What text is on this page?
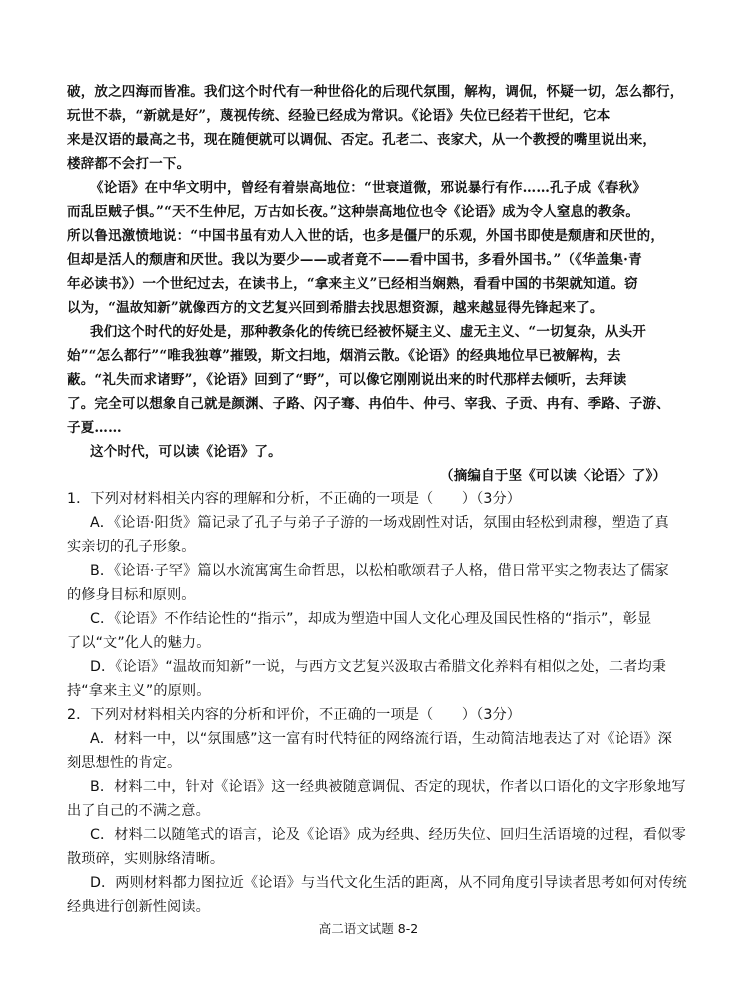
破，放之四海而皆准。我们这个时代有一种世俗化的后现代氛围，解构，调侃，怀疑一切，怎么都行，
玩世不恭，“新就是好”，蔑视传统、经验已经成为常识。《论语》失位已经若干世纪，它本
来是汉语的最高之书，现在随便就可以调侃、否定。孔老二、丧家犬，从一个教授的嘴里说出来，
楼辞都不会打一下。
《论语》在中华文明中，曾经有着崇高地位：“世衰道微，邪说暴行有作……孔子成《春秋》
而乱臣贼子惧。”“天不生仲尼，万古如长夜。”这种崇高地位也令《论语》成为令人窒息的教条。
所以鲁迅激愤地说：“中国书虽有劝人入世的话，也多是僵尸的乐观，外国书即使是颓唐和厌世的，
但却是活人的颓唐和厌世。我以为要少——或者竟不——看中国书，多看外国书。”（《华盖集·青
年必读书》）一个世纪过去，在读书上，“拿来主义”已经相当娴熟，看看中国的书架就知道。窃
以为，“温故知新”就像西方的文艺复兴回到希腊去找思想资源，越来越显得先锋起来了。
我们这个时代的好处是，那种教条化的传统已经被怀疑主义、虚无主义、“一切复杂，从头开
始”“怎么都行”“唯我独尊”摧毁，斯文扫地，烟消云散。《论语》的经典地位早已被解构，去
蔽。“礼失而求诸野”，《论语》回到了“野”，可以像它刚刚说出来的时代那样去倾听，去拜读
了。完全可以想象自己就是颜渊、子路、闪子骞、冉伯牛、仲弓、宰我、子贡、冉有、季路、子游、
子夏……
这个时代，可以读《论语》了。
（摘编自于坚《可以读〈论语〉了》）
1．下列对材料相关内容的理解和分析，不正确的一项是（　　）（3分）
A．《论语·阳货》篇记录了孔子与弟子子游的一场戏剧性对话，氛围由轻松到肃穆，塑造了真
实亲切的孔子形象。
B．《论语·子罕》篇以水流寓寓生命哲思，以松柏歌颂君子人格，借日常平实之物表达了儒家
的修身目标和原则。
C．《论语》不作结论性的“指示”，却成为塑造中国人文化心理及国民性格的“指示”，彰显
了以“文”化人的魅力。
D．《论语》“温故而知新”一说，与西方文艺复兴汲取古希腊文化养料有相似之处，二者均秉
持“拿来主义”的原则。
2．下列对材料相关内容的分析和评价，不正确的一项是（　　）（3分）
A．材料一中，以“氛围感”这一富有时代特征的网络流行语，生动简洁地表达了对《论语》深
刻思想性的肯定。
B．材料二中，针对《论语》这一经典被随意调侃、否定的现状，作者以口语化的文字形象地写
出了自己的不满之意。
C．材料二以随笔式的语言，论及《论语》成为经典、经历失位、回归生活语境的过程，看似零
散琐碎，实则脉络清晰。
D．两则材料都力图拉近《论语》与当代文化生活的距离，从不同角度引导读者思考如何对传统
经典进行创新性阅读。
高二语文试题 8-2
